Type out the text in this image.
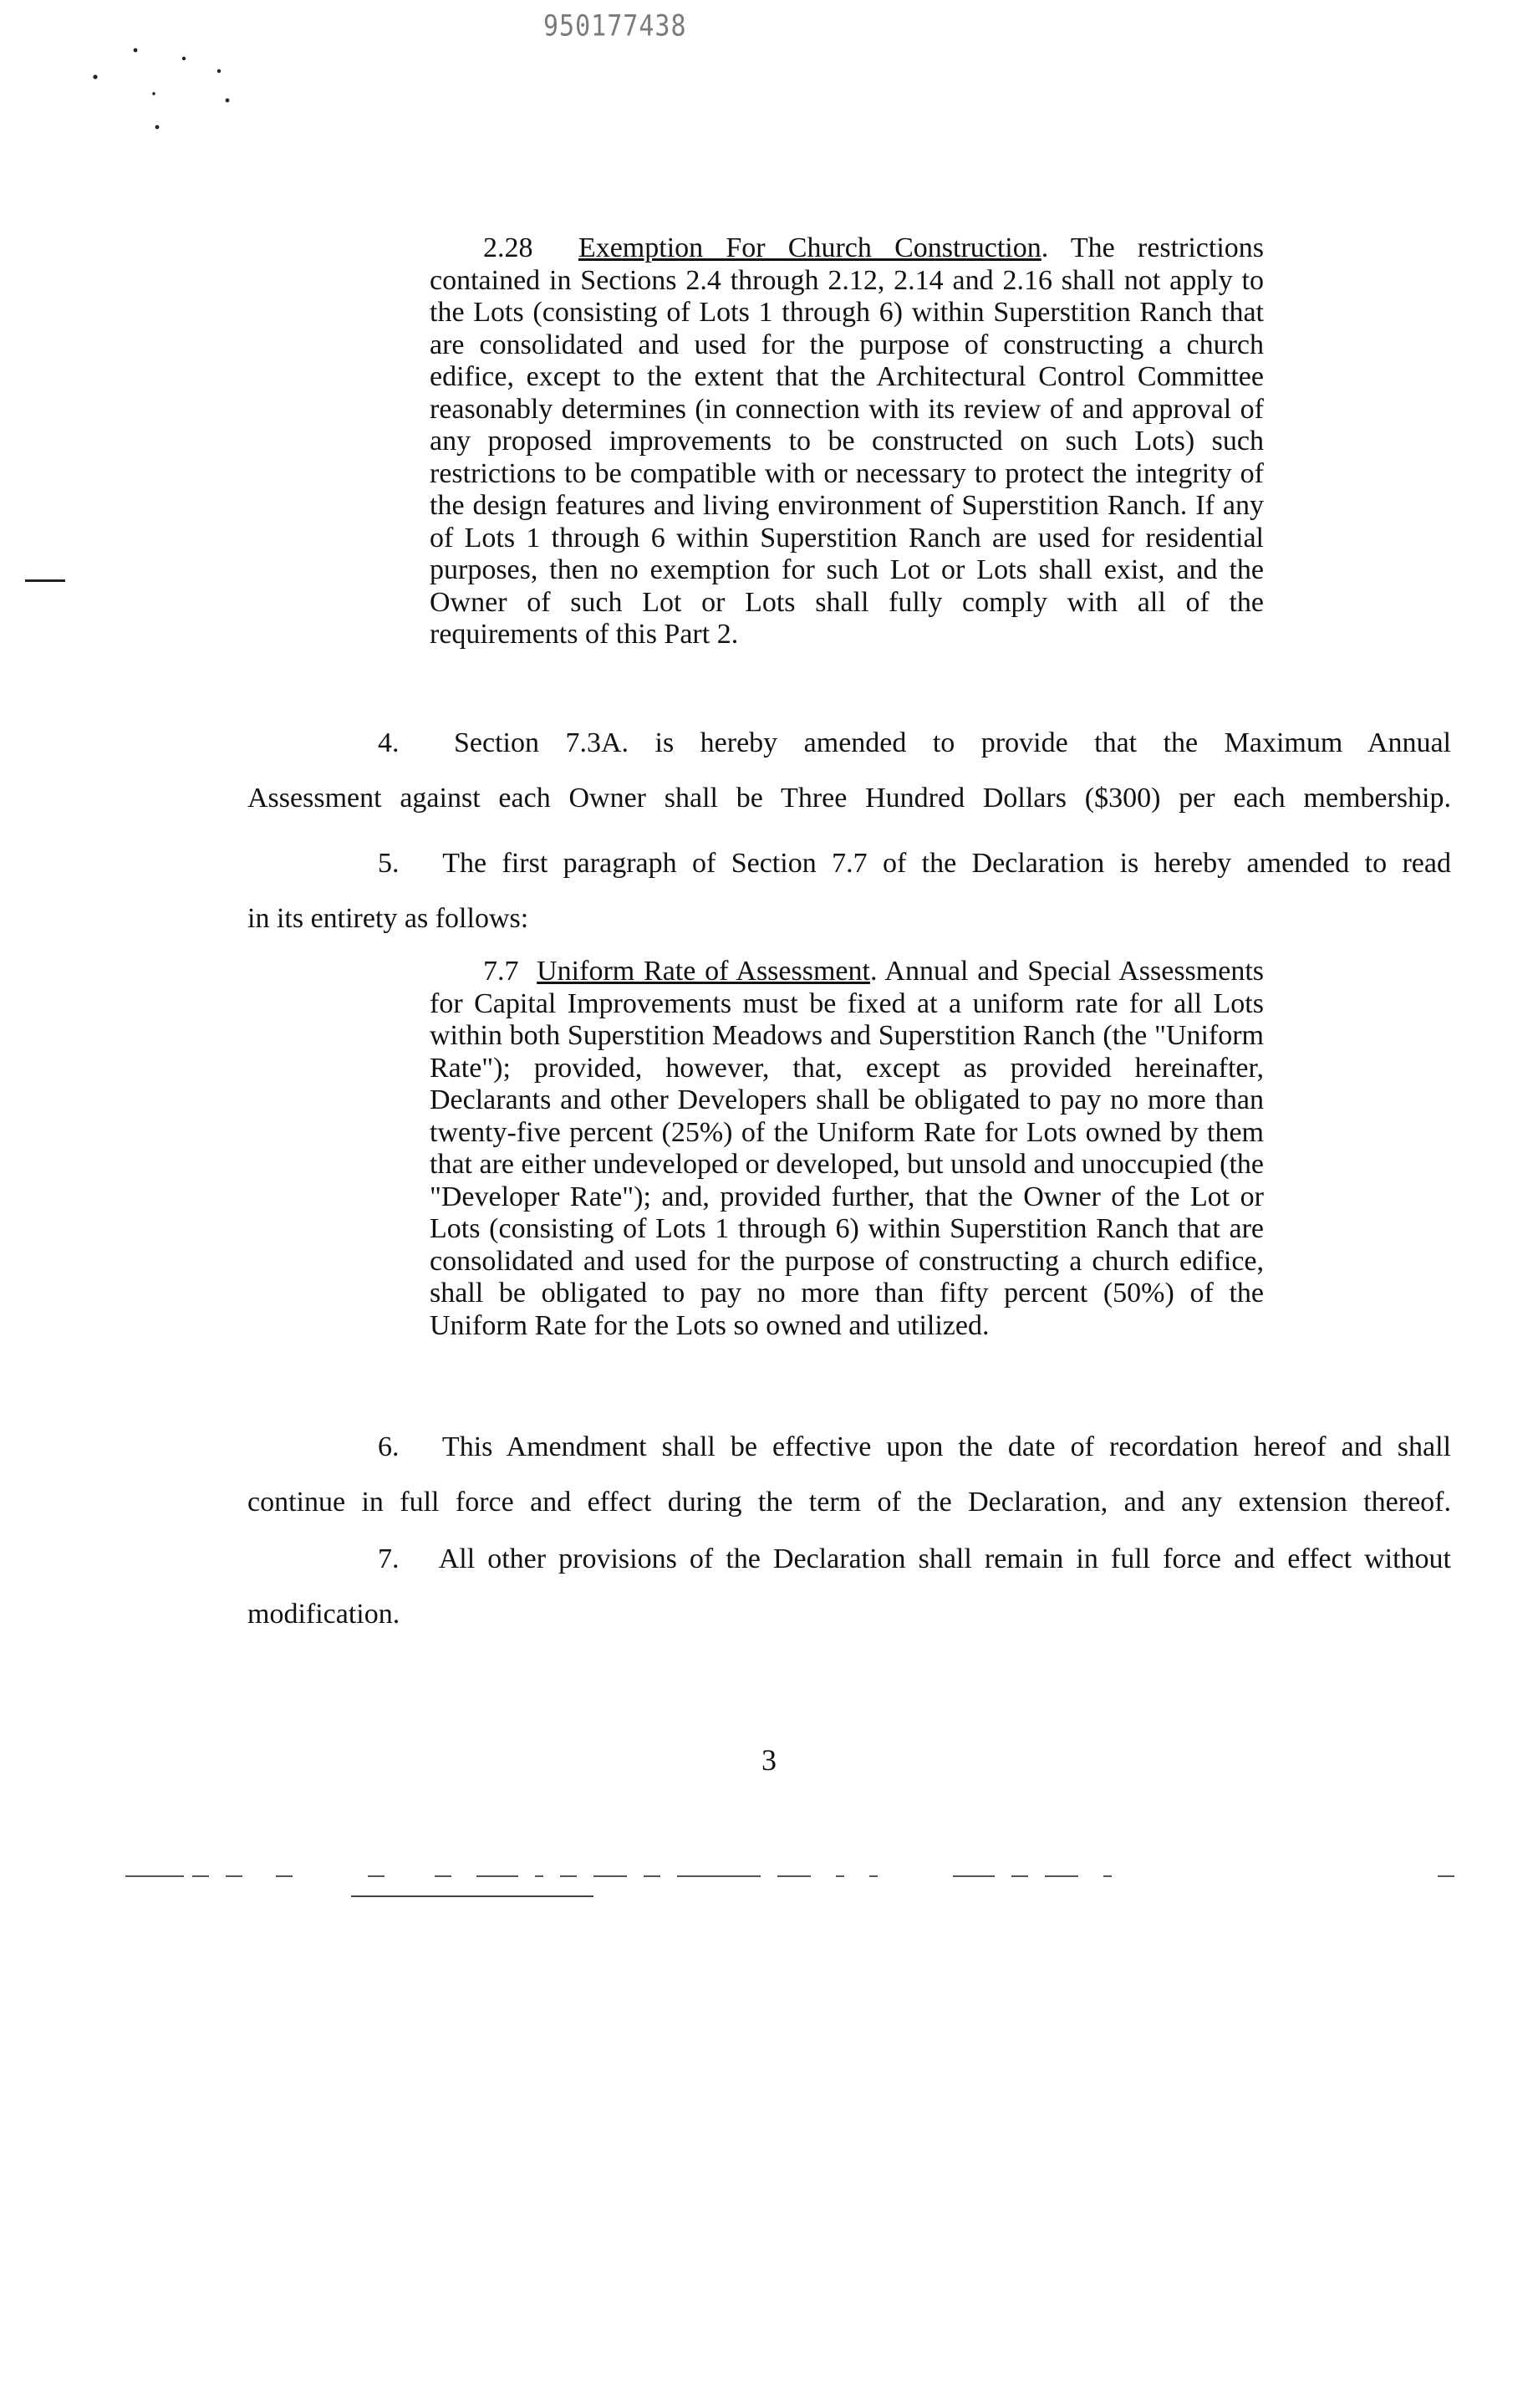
950177438
2.28 Exemption For Church Construction. The restrictions contained in Sections 2.4 through 2.12, 2.14 and 2.16 shall not apply to the Lots (consisting of Lots 1 through 6) within Superstition Ranch that are consolidated and used for the purpose of constructing a church edifice, except to the extent that the Architectural Control Committee reasonably determines (in connection with its review of and approval of any proposed improvements to be constructed on such Lots) such restrictions to be compatible with or necessary to protect the integrity of the design features and living environment of Superstition Ranch. If any of Lots 1 through 6 within Superstition Ranch are used for residential purposes, then no exemption for such Lot or Lots shall exist, and the Owner of such Lot or Lots shall fully comply with all of the requirements of this Part 2.
4.  Section 7.3A. is hereby amended to provide that the Maximum Annual
Assessment against each Owner shall be Three Hundred Dollars ($300) per each membership.
5.  The first paragraph of Section 7.7 of the Declaration is hereby amended to read
in its entirety as follows:
7.7 Uniform Rate of Assessment. Annual and Special Assessments for Capital Improvements must be fixed at a uniform rate for all Lots within both Superstition Meadows and Superstition Ranch (the "Uniform Rate"); provided, however, that, except as provided hereinafter, Declarants and other Developers shall be obligated to pay no more than twenty-five percent (25%) of the Uniform Rate for Lots owned by them that are either undeveloped or developed, but unsold and unoccupied (the "Developer Rate"); and, provided further, that the Owner of the Lot or Lots (consisting of Lots 1 through 6) within Superstition Ranch that are consolidated and used for the purpose of constructing a church edifice, shall be obligated to pay no more than fifty percent (50%) of the Uniform Rate for the Lots so owned and utilized.
6.  This Amendment shall be effective upon the date of recordation hereof and shall
continue in full force and effect during the term of the Declaration, and any extension thereof.
7.  All other provisions of the Declaration shall remain in full force and effect without
modification.
3
